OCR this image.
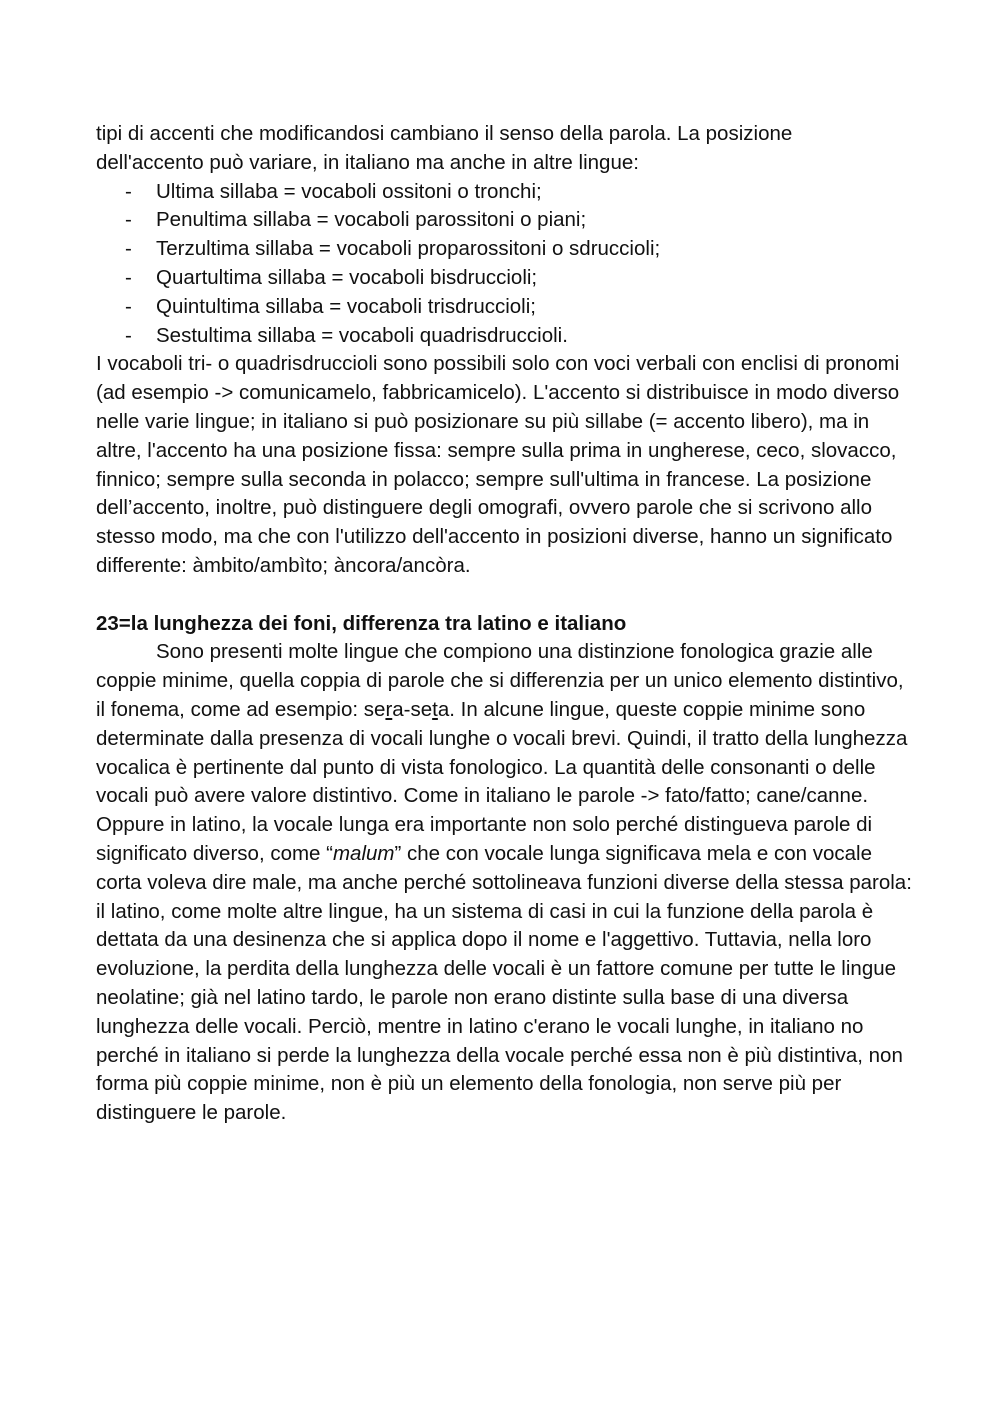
tipi di accenti che modificandosi cambiano il senso della parola. La posizione
dell'accento può variare, in italiano ma anche in altre lingue:

- Ultima sillaba = vocaboli ossitoni o tronchi;
- Penultima sillaba = vocaboli parossitoni o piani;
- Terzultima sillaba = vocaboli proparossitoni o sdruccioli;
- Quartultima sillaba = vocaboli bisdruccioli;
- Quintultima sillaba = vocaboli trisdruccioli;
- Sestultima sillaba = vocaboli quadrisdruccioli.

I vocaboli tri- o quadrisdruccioli sono possibili solo con voci verbali con enclisi di pronomi (ad esempio -> comunicamelo, fabbricamicelo). L'accento si distribuisce in modo diverso nelle varie lingue; in italiano si può posizionare su più sillabe (= accento libero), ma in altre, l'accento ha una posizione fissa: sempre sulla prima in ungherese, ceco, slovacco, finnico; sempre sulla seconda in polacco; sempre sull'ultima in francese. La posizione dell’accento, inoltre, può distinguere degli omografi, ovvero parole che si scrivono allo stesso modo, ma che con l'utilizzo dell'accento in posizioni diverse, hanno un significato differente: àmbito/ambìto; àncora/ancòra.

23=la lunghezza dei foni, differenza tra latino e italiano

Sono presenti molte lingue che compiono una distinzione fonologica grazie alle coppie minime, quella coppia di parole che si differenzia per un unico elemento distintivo, il fonema, come ad esempio: sera-seta. In alcune lingue, queste coppie minime sono determinate dalla presenza di vocali lunghe o vocali brevi. Quindi, il tratto della lunghezza vocalica è pertinente dal punto di vista fonologico. La quantità delle consonanti o delle vocali può avere valore distintivo. Come in italiano le parole -> fato/fatto; cane/canne. Oppure in latino, la vocale lunga era importante non solo perché distingueva parole di significato diverso, come “malum” che con vocale lunga significava mela e con vocale corta voleva dire male, ma anche perché sottolineava funzioni diverse della stessa parola: il latino, come molte altre lingue, ha un sistema di casi in cui la funzione della parola è dettata da una desinenza che si applica dopo il nome e l'aggettivo. Tuttavia, nella loro evoluzione, la perdita della lunghezza delle vocali è un fattore comune per tutte le lingue neolatine; già nel latino tardo, le parole non erano distinte sulla base di una diversa lunghezza delle vocali. Perciò, mentre in latino c'erano le vocali lunghe, in italiano no perché in italiano si perde la lunghezza della vocale perché essa non è più distintiva, non forma più coppie minime, non è più un elemento della fonologia, non serve più per distinguere le parole.
